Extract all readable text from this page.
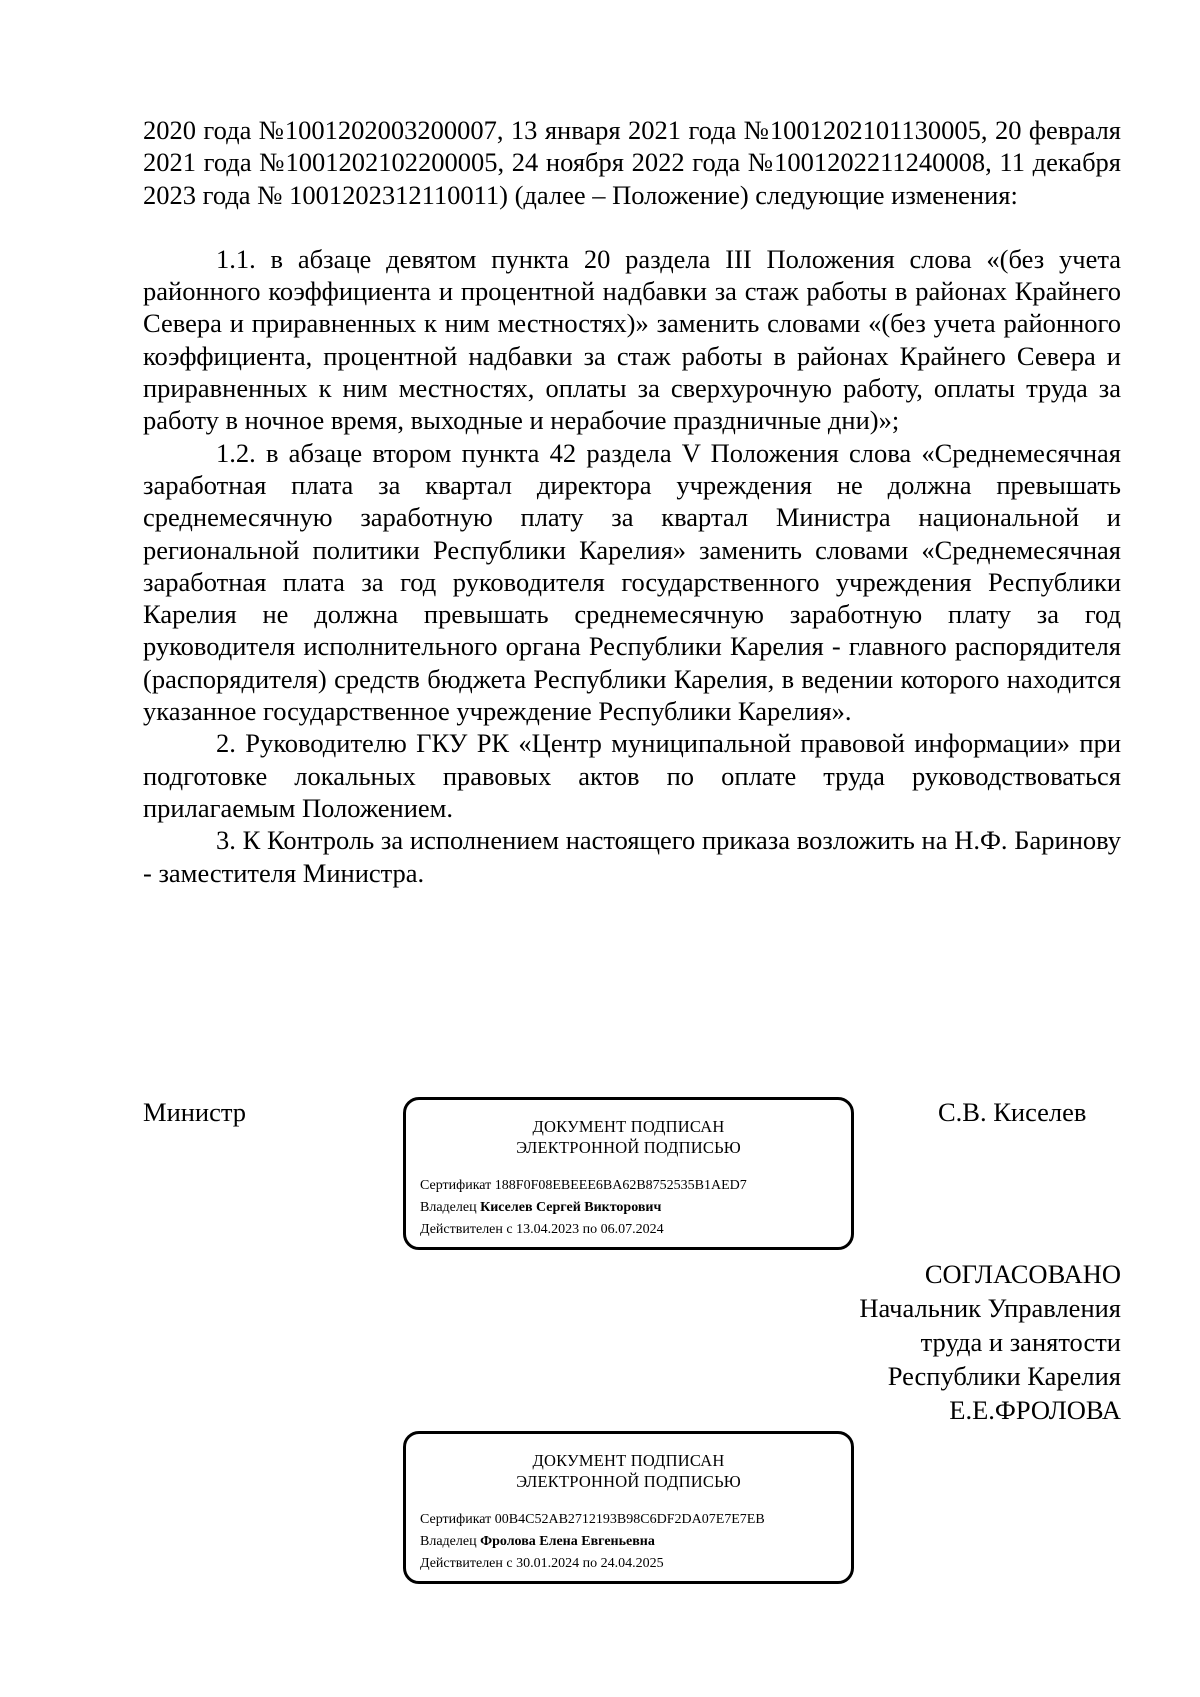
2020 года №1001202003200007, 13 января 2021 года №1001202101130005, 20 февраля 2021 года №1001202102200005, 24 ноября 2022 года №1001202211240008, 11 декабря 2023 года № 1001202312110011) (далее – Положение) следующие изменения:

1.1. в абзаце девятом пункта 20 раздела III Положения слова «(без учета районного коэффициента и процентной надбавки за стаж работы в районах Крайнего Севера и приравненных к ним местностях)» заменить словами «(без учета районного коэффициента, процентной надбавки за стаж работы в районах Крайнего Севера и приравненных к ним местностях, оплаты за сверхурочную работу, оплаты труда за работу в ночное время, выходные и нерабочие праздничные дни)»;

1.2. в абзаце втором пункта 42 раздела V Положения слова «Среднемесячная заработная плата за квартал директора учреждения не должна превышать среднемесячную заработную плату за квартал Министра национальной и региональной политики Республики Карелия» заменить словами «Среднемесячная заработная плата за год руководителя государственного учреждения Республики Карелия не должна превышать среднемесячную заработную плату за год руководителя исполнительного органа Республики Карелия - главного распорядителя (распорядителя) средств бюджета Республики Карелия, в ведении которого находится указанное государственное учреждение Республики Карелия».

2. Руководителю ГКУ РК «Центр муниципальной правовой информации» при подготовке локальных правовых актов по оплате труда руководствоваться прилагаемым Положением.

3. К Контроль за исполнением настоящего приказа возложить на Н.Ф. Баринову - заместителя Министра.

Министр	С.В. Киселев
ДОКУМЕНТ ПОДПИСАН
ЭЛЕКТРОННОЙ ПОДПИСЬЮ
Сертификат 188F0F08EBEEE6BA62B8752535B1AED7
Владелец Киселев Сергей Викторович
Действителен с 13.04.2023 по 06.07.2024
СОГЛАСОВАНО
Начальник Управления
труда и занятости
Республики Карелия
Е.Е.ФРОЛОВА
ДОКУМЕНТ ПОДПИСАН
ЭЛЕКТРОННОЙ ПОДПИСЬЮ
Сертификат 00B4C52AB2712193B98C6DF2DA07E7E7EB
Владелец Фролова Елена Евгеньевна
Действителен с 30.01.2024 по 24.04.2025
